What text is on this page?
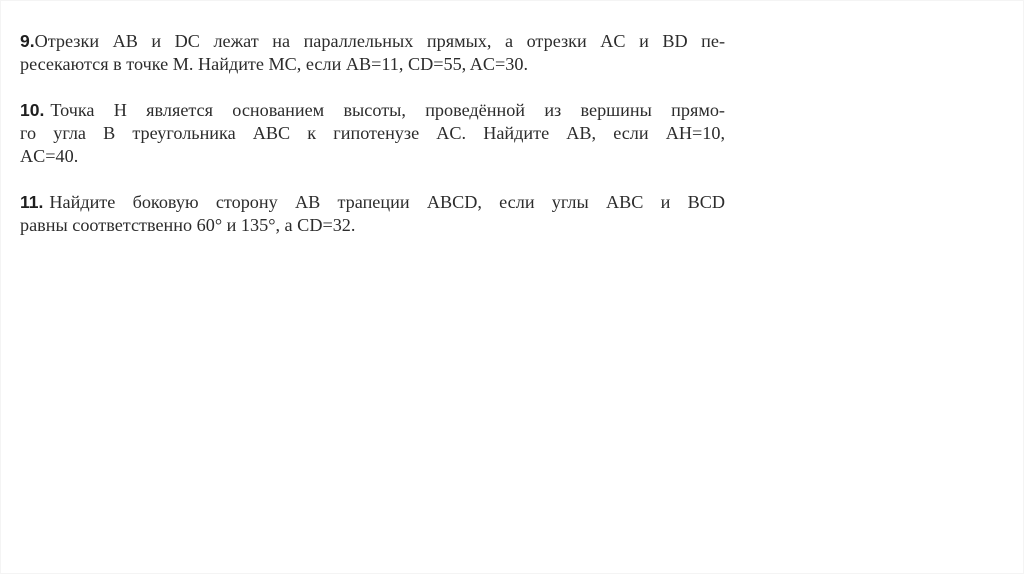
9.Отрезки AB и DC лежат на параллельных прямых, а отрезки AC и BD пе-
ресекаются в точке M. Найдите MC, если AB=11, CD=55, AC=30.
10. Точка H является основанием высоты, проведённой из вершины прямо-
го угла B треугольника ABC к гипотенузе AC. Найдите AB, если AH=10,
AC=40.
11. Найдите боковую сторону AB трапеции ABCD, если углы ABC и BCD
равны соответственно 60° и 135°, а CD=32.
